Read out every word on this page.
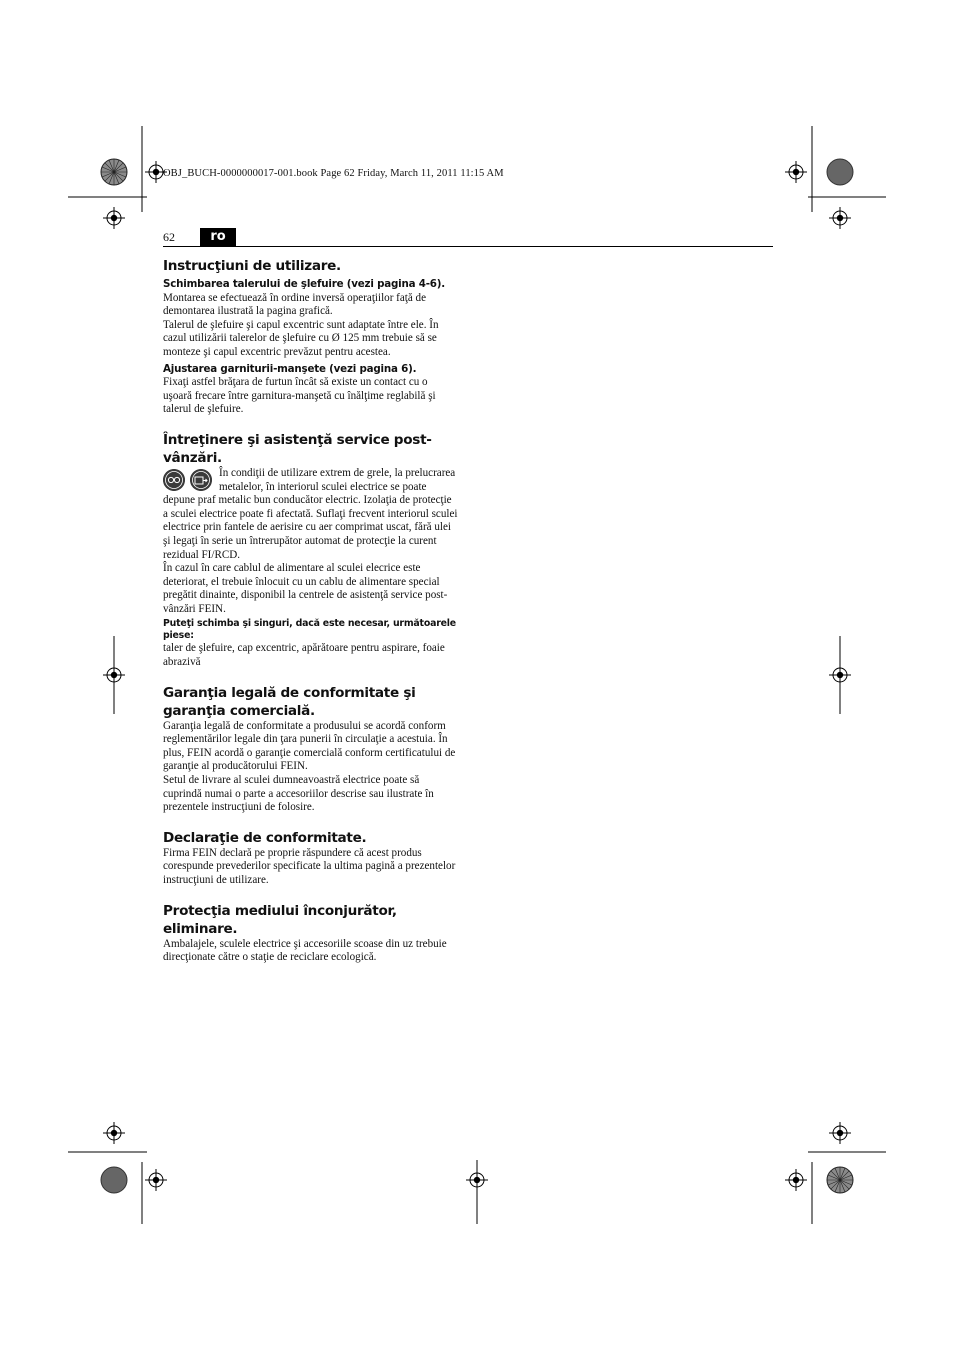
OBJ_BUCH-0000000017-001.book Page 62 Friday, March 11, 2011 11:15 AM
62	ro
Instrucţiuni de utilizare.
Schimbarea talerului de şlefuire (vezi pagina 4-6).

Montarea se efectuează în ordine inversă operaţiilor faţă de demontarea ilustrată la pagina grafică.

Talerul de şlefuire şi capul excentric sunt adaptate între ele. În cazul utilizării talerelor de şlefuire cu Ø 125 mm trebuie să se monteze şi capul excentric prevăzut pentru acestea.

Ajustarea garniturii-manşete (vezi pagina 6).

Fixaţi astfel brăţara de furtun încât să existe un contact cu o uşoară frecare între garnitura-manşetă cu înălţime reglabilă şi talerul de şlefuire.

Întreţinere şi asistenţă service post-vânzări.

În condiţii de utilizare extrem de grele, la prelucrarea metalelor, în interiorul sculei electrice se poate depune praf metalic bun conducător electric. Izolaţia de protecţie a sculei electrice poate fi afectată. Suflaţi frecvent interiorul sculei electrice prin fantele de aerisire cu aer comprimat uscat, fără ulei şi legaţi în serie un întrerupător automat de protecţie la curent rezidual FI/RCD.

În cazul în care cablul de alimentare al sculei elecrice este deteriorat, el trebuie înlocuit cu un cablu de alimentare special pregătit dinainte, disponibil la centrele de asistenţă service post-vânzări FEIN.

Puteţi schimba şi singuri, dacă este necesar, următoarele piese:

taler de şlefuire, cap excentric, apărătoare pentru aspirare, foaie abrazivă

Garanţia legală de conformitate şi garanţia comercială.

Garanţia legală de conformitate a produsului se acordă conform reglementărilor legale din ţara punerii în circulaţie a acestuia. În plus, FEIN acordă o garanţie comercială conform certificatului de garanţie al producătorului FEIN.

Setul de livrare al sculei dumneavoastră electrice poate să cuprindă numai o parte a accesoriilor descrise sau ilustrate în prezentele instrucţiuni de folosire.

Declaraţie de conformitate.

Firma FEIN declară pe proprie răspundere că acest produs corespunde prevederilor specificate la ultima pagină a prezentelor instrucţiuni de utilizare.

Protecţia mediului înconjurător, eliminare.

Ambalajele, sculele electrice şi accesoriile scoase din uz trebuie direcţionate către o staţie de reciclare ecologică.
